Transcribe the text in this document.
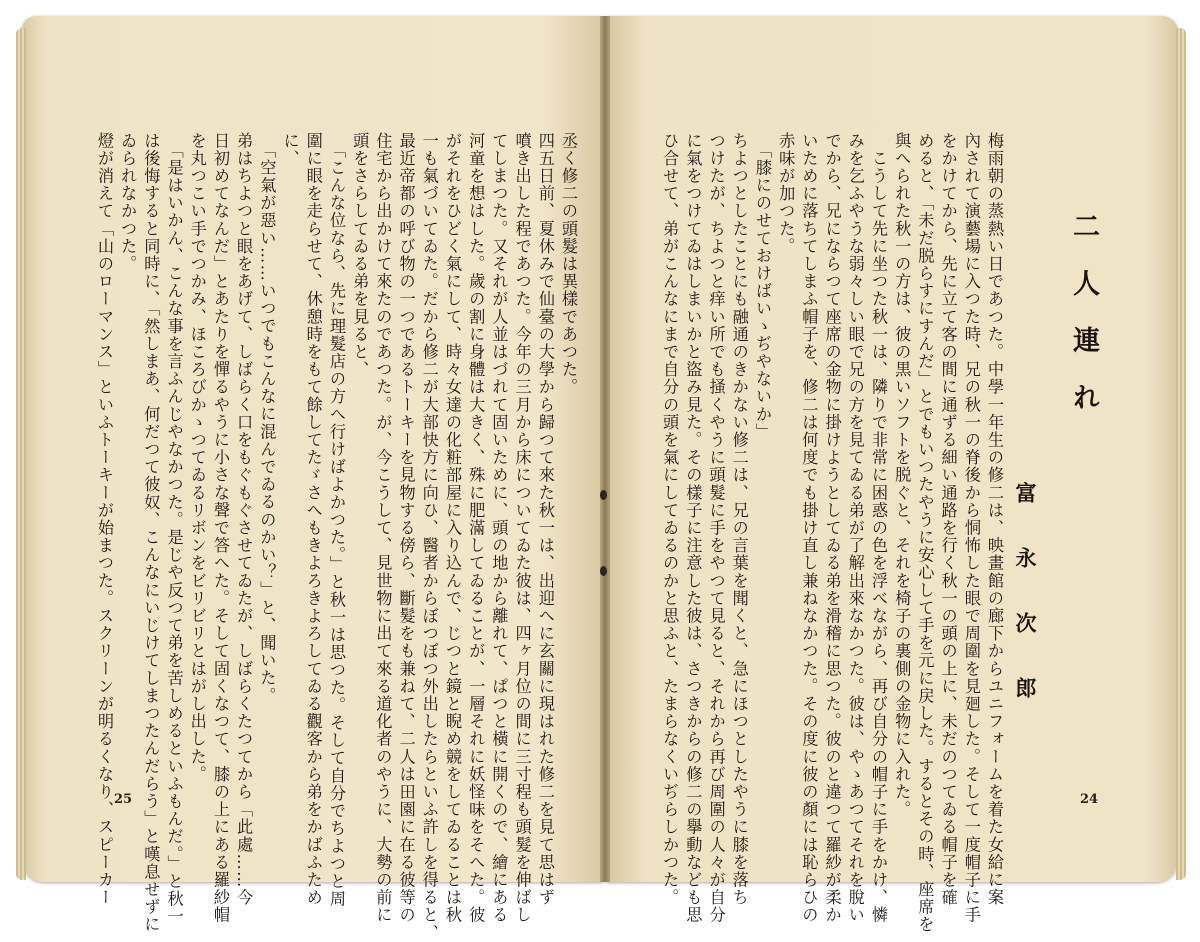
丞く修二の頭髮は異樣であつた。
四五日前、夏休みで仙臺の大學から歸つて來た秋一は、出迎へに玄關に現はれた修二を見て思はず
噴き出した程であつた。今年の三月から床についてゐた彼は、四ヶ月位の間に三寸程も頭髮を伸ばし
てしまつた。又それが人並はづれて固いために、頭の地から離れて、ぱつと橫に開くので、繪にある
河童を想はした。歲の割に身體は大きく、殊に肥滿してゐることが、一層それに妖怪味をそへた。彼
がそれをひどく氣にして、時々女達の化粧部屋に入り込んで、じつと鏡と睨め競をしてゐることは秋
一も氣づいてゐた。だから修二が大部快方に向ひ、醫者からぼつぼつ外出したらといふ許しを得ると、
最近帝都の呼び物の一つであるトーキーを見物する傍ら、斷髮をも兼ねて、二人は田園に在る彼等の
住宅から出かけて來たのであつた。が、今こうして、見世物に出て來る道化者のやうに、大勢の前に
頭をさらしてゐる弟を見ると、
　「こんな位なら、先に理髮店の方へ行けばよかつた。」と秋一は思つた。そして自分でちよつと周
圍に眼を走らせて、休憩時をもて餘してたゞさへもきよろきよろしてゐる觀客から弟をかばふため
に、
　「空氣が惡い……いつでもこんなに混んでゐるのかい？」と、聞いた。
弟はちよつと眼をあげて、しばらく口をもぐもぐさせてゐたが、しばらくたつてから「此處……今
日初めてなんだ」とあたりを憚るやうに小さな聲で答へた。そして固くなつて、膝の上にある羅紗帽
を丸つこい手でつかみ、ほころびかゝつてゐるリボンをビリビリとはがし出した。
　「是はいかん、こんな事を言ふんじやなかつた。是じや反つて弟を苦しめるといふもんだ。」と秋一
は後悔すると同時に、「然しまあ、何だつて彼奴、こんなにいじけてしまつたんだらう」と嘆息せずに
ゐられなかつた。
燈が消えて「山のローマンス」といふトーキーが始まつた。スクリーンが明るくなり、スピーカー 25	梅雨朝の蒸熱い日であつた。中學一年生の修二は、映畫館の廊下からユニフォームを着た女給に案
內されて演藝場に入つた時、兄の秋一の脊後から恫怖した眼で周圍を見廻した。そして一度帽子に手
をかけてから、先に立て客の間に通ずる細い通路を行く秋一の頭の上に、未だのつてゐる帽子を確
めると、「未だ脱らすにすんだ」とでもいつたやうに安心して手を元に戻した。するとその時、座席を
與へられた秋一の方は、彼の黒いソフトを脱ぐと、それを椅子の裏側の金物に入れた。
　こうして先に坐つた秋一は、隣りで非常に困惑の色を浮べながら、再び自分の帽子に手をかけ、憐
みを乞ふやうな弱々しい眼で兄の方を見てゐる弟が了解出來なかつた。彼は、やゝあつてそれを脫い
でから、兄にならつて座席の金物に掛けようとしてゐる弟を滑稽に思つた。彼のと違つて羅紗が柔か
いために落ちてしまふ帽子を、修二は何度でも掛け直し兼ねなかつた。その度に彼の顏には恥らひの
赤味が加つた。
　「膝にのせておけばいゝぢやないか」
ちよつとしたことにも融通のきかない修二は、兄の言葉を聞くと、急にほつとしたやうに膝を落ち
つけたが、ちよつと痒い所でも掻くやうに頭髮に手をやつて見ると、それから再び周圍の人々が自分
に氣をつけてゐはしまいかと盜み見た。その樣子に注意した彼は、さつきからの修二の擧動なども思
ひ合せて、弟がこんなにまで自分の頭を氣にしてゐるのかと思ふと、たまらなくいぢらしかつた。	二人連れ
富永次郎
24
